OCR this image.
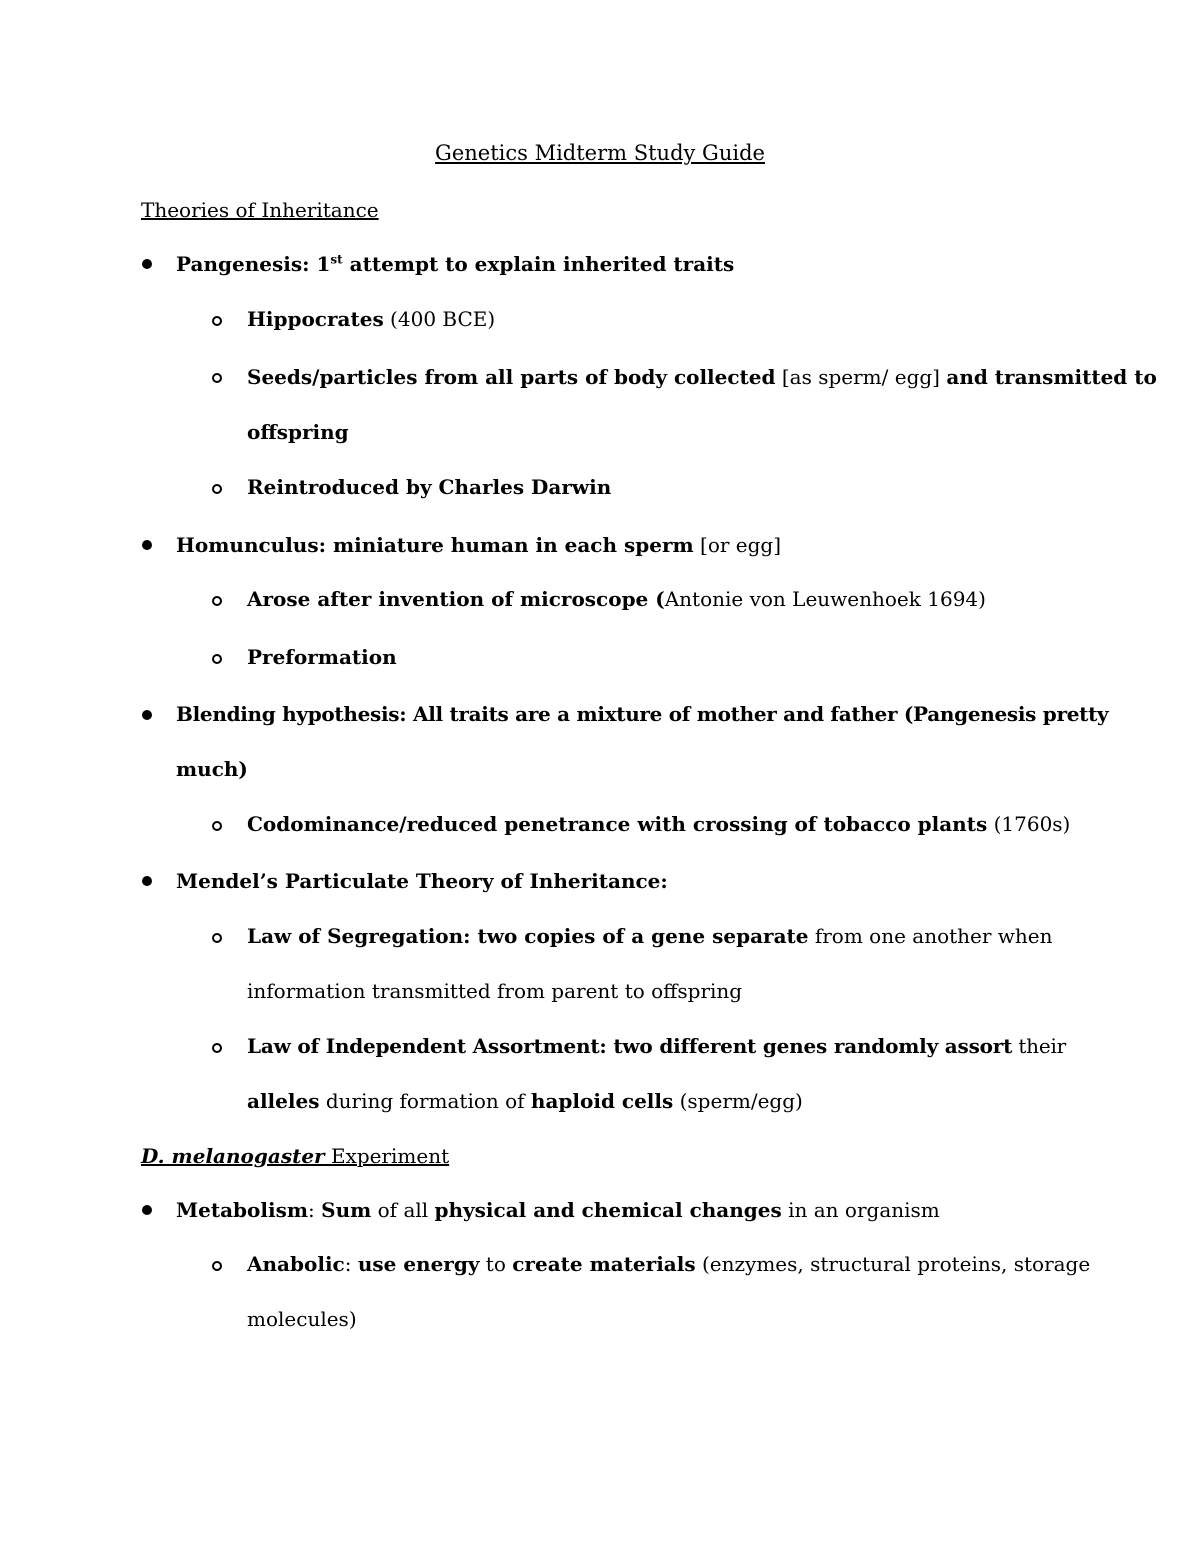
Genetics Midterm Study Guide
Theories of Inheritance
Pangenesis: 1st attempt to explain inherited traits
Hippocrates (400 BCE)
Seeds/particles from all parts of body collected [as sperm/ egg] and transmitted to
offspring
Reintroduced by Charles Darwin
Homunculus: miniature human in each sperm [or egg]
Arose after invention of microscope (Antonie von Leuwenhoek 1694)
Preformation
Blending hypothesis: All traits are a mixture of mother and father (Pangenesis pretty
much)
Codominance/reduced penetrance with crossing of tobacco plants (1760s)
Mendel’s Particulate Theory of Inheritance:
Law of Segregation: two copies of a gene separate from one another when
information transmitted from parent to offspring
Law of Independent Assortment: two different genes randomly assort their
alleles during formation of haploid cells (sperm/egg)
D. melanogaster Experiment
Metabolism: Sum of all physical and chemical changes in an organism
Anabolic: use energy to create materials (enzymes, structural proteins, storage
molecules)
